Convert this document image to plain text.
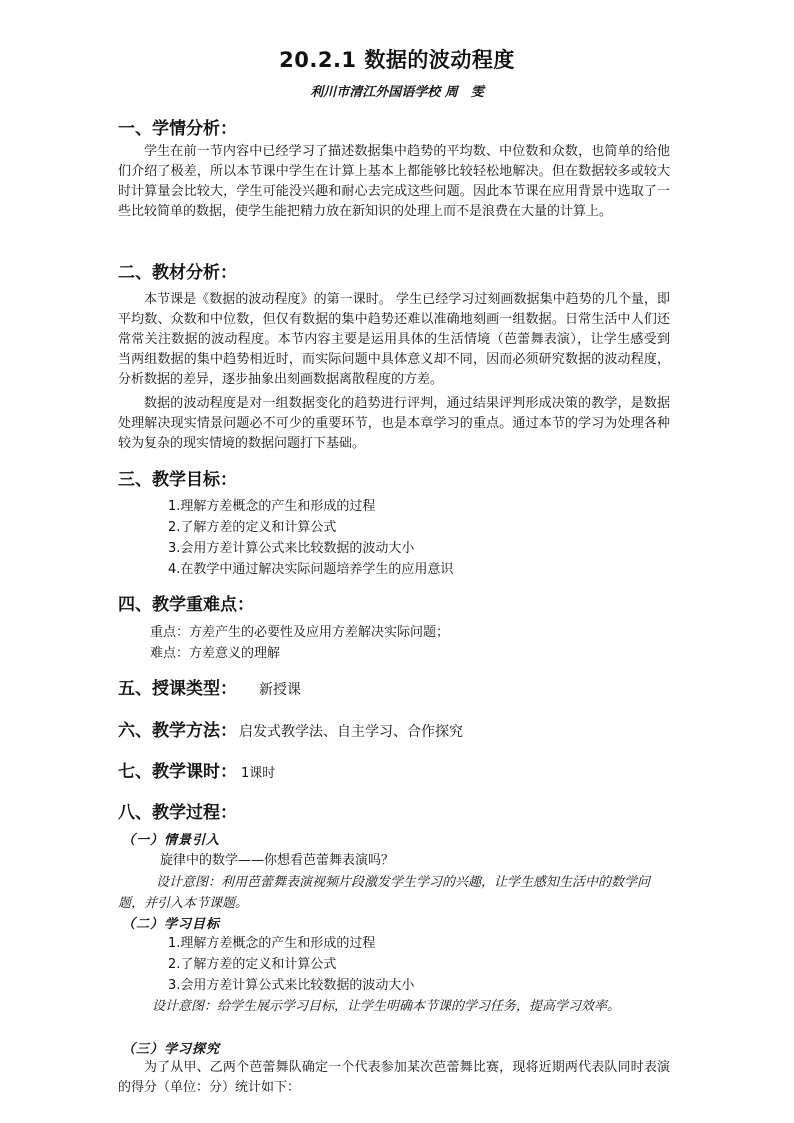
20.2.1 数据的波动程度
利川市清江外国语学校 周　雯
一、学情分析：

学生在前一节内容中已经学习了描述数据集中趋势的平均数、中位数和众数，也简单的给他们介绍了极差，所以本节课中学生在计算上基本上都能够比较轻松地解决。但在数据较多或较大时计算量会比较大，学生可能没兴趣和耐心去完成这些问题。因此本节课在应用背景中选取了一些比较简单的数据，使学生能把精力放在新知识的处理上而不是浪费在大量的计算上。

二、教材分析：

本节课是《数据的波动程度》的第一课时。 学生已经学习过刻画数据集中趋势的几个量，即平均数、众数和中位数，但仅有数据的集中趋势还难以准确地刻画一组数据。日常生活中人们还常常关注数据的波动程度。本节内容主要是运用具体的生活情境（芭蕾舞表演），让学生感受到当两组数据的集中趋势相近时，而实际问题中具体意义却不同，因而必须研究数据的波动程度，分析数据的差异，逐步抽象出刻画数据离散程度的方差。

数据的波动程度是对一组数据变化的趋势进行评判，通过结果评判形成决策的教学，是数据处理解决现实情景问题必不可少的重要环节，也是本章学习的重点。通过本节的学习为处理各种较为复杂的现实情境的数据问题打下基础。

三、教学目标：
1.理解方差概念的产生和形成的过程
2.了解方差的定义和计算公式
3.会用方差计算公式来比较数据的波动大小
4.在教学中通过解决实际问题培养学生的应用意识
四、教学重难点：
重点：方差产生的必要性及应用方差解决实际问题；
难点：方差意义的理解
五、授课类型： 新授课
六、教学方法： 启发式教学法、自主学习、合作探究
七、教学课时： 1课时
八、教学过程：
（一）情景引入
旋律中的数学——你想看芭蕾舞表演吗？

设计意图：利用芭蕾舞表演视频片段激发学生学习的兴趣，让学生感知生活中的数学问题，并引入本节课题。

（二）学习目标
1.理解方差概念的产生和形成的过程
2.了解方差的定义和计算公式
3.会用方差计算公式来比较数据的波动大小

设计意图：给学生展示学习目标，让学生明确本节课的学习任务，提高学习效率。

（三）学习探究

为了从甲、乙两个芭蕾舞队确定一个代表参加某次芭蕾舞比赛，现将近期两代表队同时表演的得分（单位：分）统计如下：
